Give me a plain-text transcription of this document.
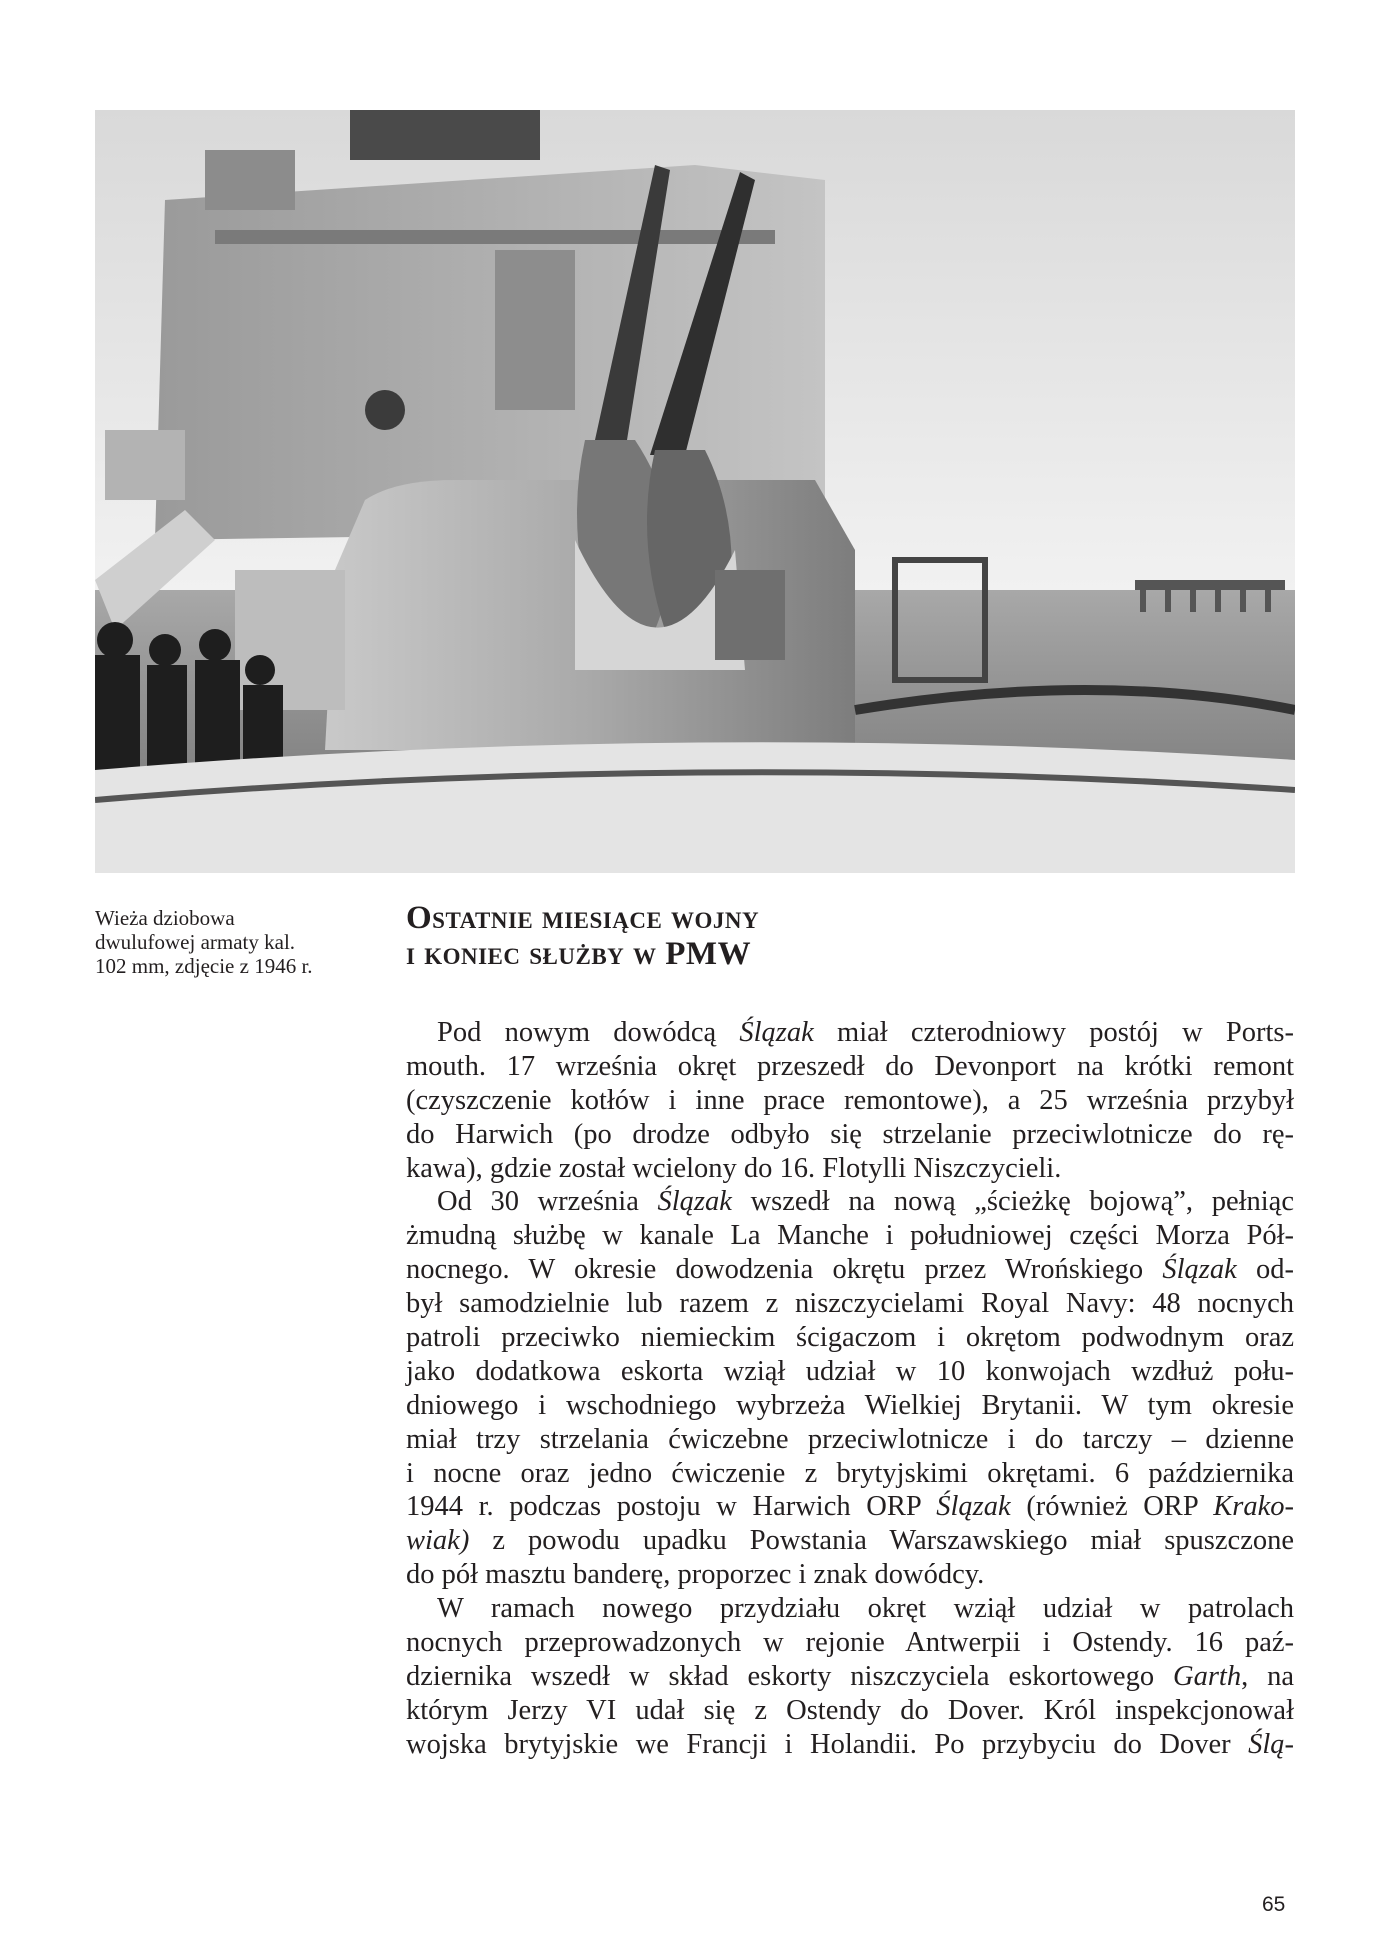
Wieża dziobowa
dwulufowej armaty kal.
102 mm, zdjęcie z 1946 r.
Ostatnie miesiące wojny
i koniec służby w PMW
Pod nowym dowódcą Ślązak miał czterodniowy postój w Ports-
mouth. 17 września okręt przeszedł do Devonport na krótki remont
(czyszczenie kotłów i inne prace remontowe), a 25 września przybył
do Harwich (po drodze odbyło się strzelanie przeciwlotnicze do rę-
kawa), gdzie został wcielony do 16. Flotylli Niszczycieli.
Od 30 września Ślązak wszedł na nową „ścieżkę bojową”, pełniąc
żmudną służbę w kanale La Manche i południowej części Morza Pół-
nocnego. W okresie dowodzenia okrętu przez Wrońskiego Ślązak od-
był samodzielnie lub razem z niszczycielami Royal Navy: 48 nocnych
patroli przeciwko niemieckim ścigaczom i okrętom podwodnym oraz
jako dodatkowa eskorta wziął udział w 10 konwojach wzdłuż połu-
dniowego i wschodniego wybrzeża Wielkiej Brytanii. W tym okresie
miał trzy strzelania ćwiczebne przeciwlotnicze i do tarczy – dzienne
i nocne oraz jedno ćwiczenie z brytyjskimi okrętami. 6 października
1944 r. podczas postoju w Harwich ORP Ślązak (również ORP Krako-
wiak) z powodu upadku Powstania Warszawskiego miał spuszczone
do pół masztu banderę, proporzec i znak dowódcy.
W ramach nowego przydziału okręt wziął udział w patrolach
nocnych przeprowadzonych w rejonie Antwerpii i Ostendy. 16 paź-
dziernika wszedł w skład eskorty niszczyciela eskortowego Garth, na
którym Jerzy VI udał się z Ostendy do Dover. Król inspekcjonował
wojska brytyjskie we Francji i Holandii. Po przybyciu do Dover Ślą-
65
